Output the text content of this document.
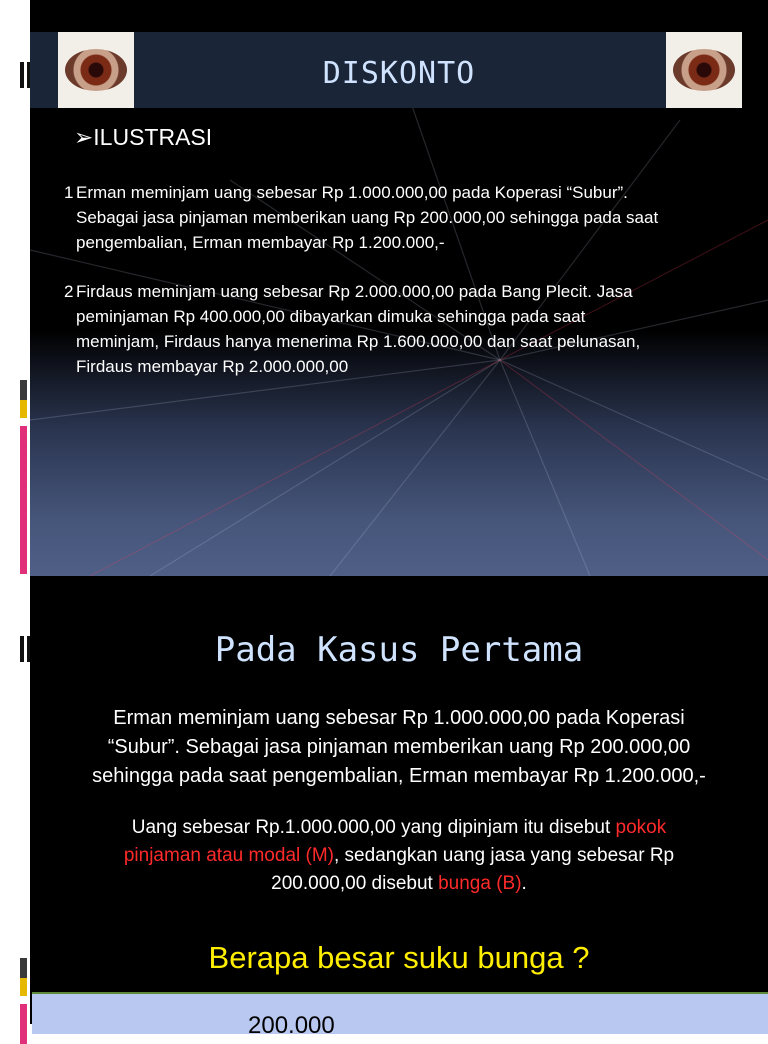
DISKONTO
➢ILUSTRASI
1 Erman meminjam uang sebesar Rp 1.000.000,00 pada Koperasi “Subur”.
Sebagai jasa pinjaman memberikan uang Rp 200.000,00 sehingga pada saat
pengembalian, Erman membayar Rp 1.200.000,-
2 Firdaus meminjam uang sebesar Rp 2.000.000,00 pada Bang Plecit. Jasa
peminjaman Rp 400.000,00 dibayarkan dimuka sehingga pada saat
meminjam, Firdaus hanya menerima Rp 1.600.000,00 dan saat pelunasan,
Firdaus membayar Rp 2.000.000,00
Pada Kasus Pertama
Erman meminjam uang sebesar Rp 1.000.000,00 pada Koperasi
“Subur”. Sebagai jasa pinjaman memberikan uang Rp 200.000,00
sehingga pada saat pengembalian, Erman membayar Rp 1.200.000,-
Uang sebesar Rp.1.000.000,00 yang dipinjam itu disebut pokok
pinjaman atau modal (M), sedangkan uang jasa yang sebesar Rp
200.000,00 disebut bunga (B).
Berapa besar suku bunga ?
200.000
